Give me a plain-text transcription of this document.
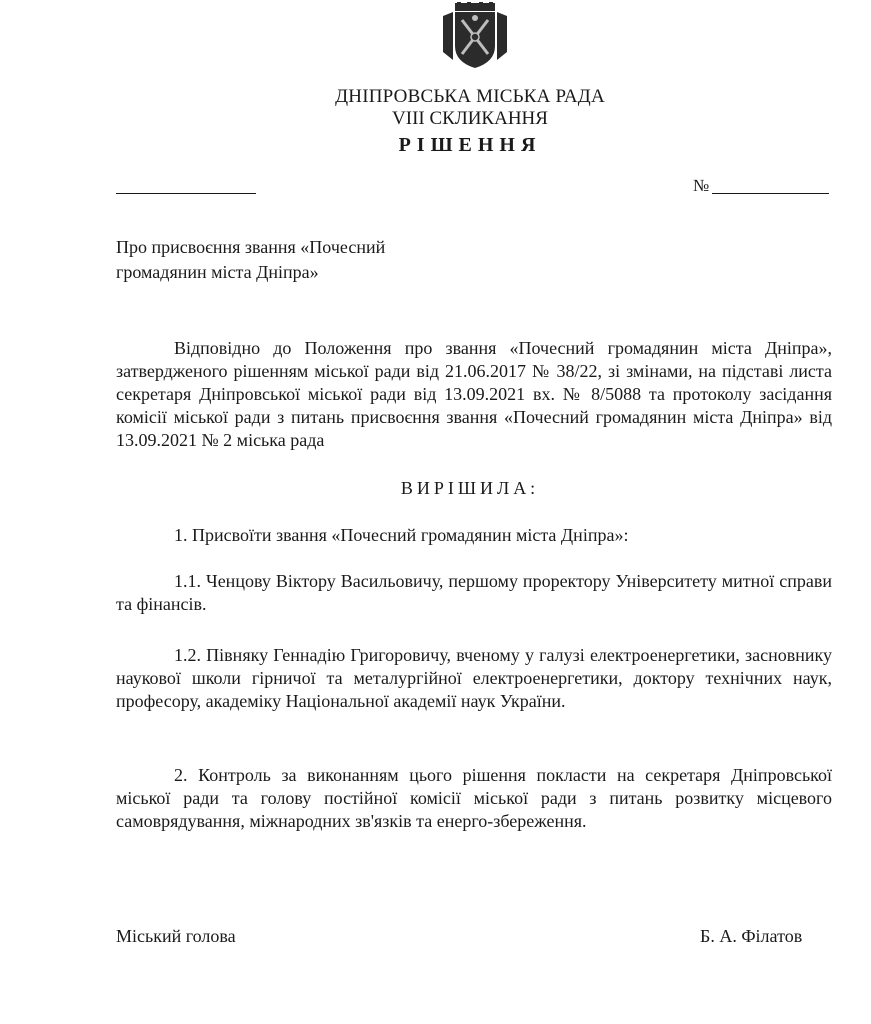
ДНІПРОВСЬКА МІСЬКА РАДА
VIII СКЛИКАННЯ
РІШЕННЯ
№
Про присвоєння звання «Почесний громадянин міста Дніпра»
Відповідно до Положення про звання «Почесний громадянин міста Дніпра», затвердженого рішенням міської ради від 21.06.2017 № 38/22, зі змінами, на підставі листа секретаря Дніпровської міської ради від 13.09.2021 вх. № 8/5088 та протоколу засідання комісії міської ради з питань присвоєння звання «Почесний громадянин міста Дніпра» від 13.09.2021 № 2 міська рада
ВИРІШИЛА:
1. Присвоїти звання «Почесний громадянин міста Дніпра»:
1.1. Ченцову Віктору Васильовичу, першому проректору Університету митної справи та фінансів.
1.2. Півняку Геннадію Григоровичу, вченому у галузі електроенергетики, засновнику наукової школи гірничої та металургійної електроенергетики, доктору технічних наук, професору, академіку Національної академії наук України.
2. Контроль за виконанням цього рішення покласти на секретаря Дніпровської міської ради та голову постійної комісії міської ради з питань розвитку місцевого самоврядування, міжнародних зв'язків та енерго-збереження.
Міський голова	Б. А. Філатов
